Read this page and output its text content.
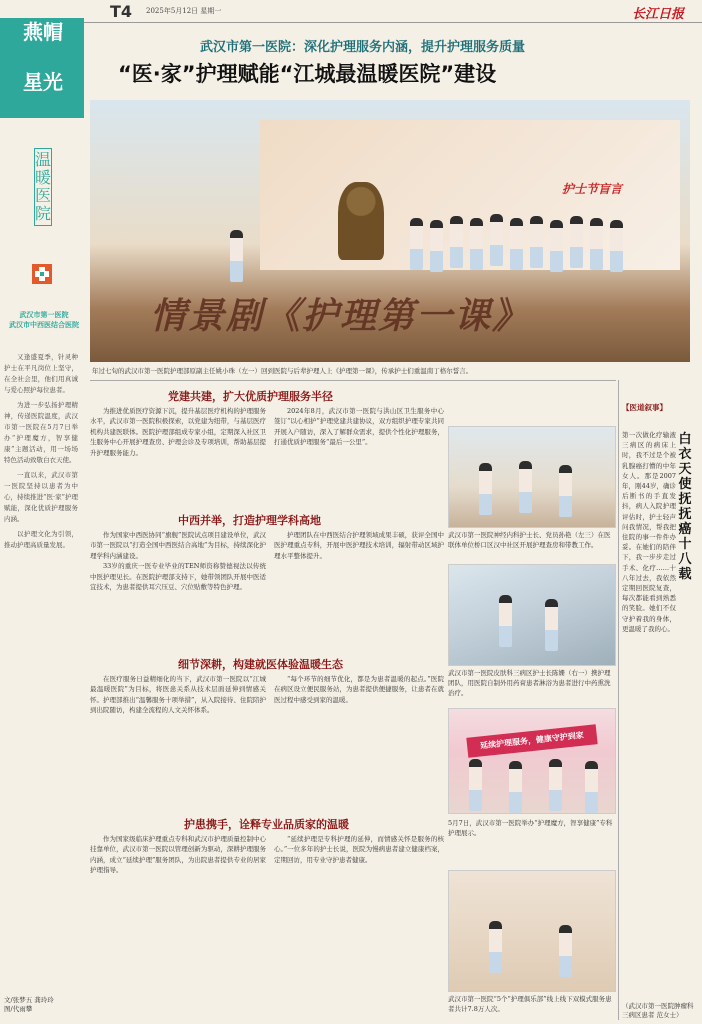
T4 2025年5月12日 星期一	长江日报
燕帽
星光
温暖医院
武汉市第一医院
武汉市中西医结合医院

又逢盛夏季，针灵种护士在平凡岗位上坚守，在全社会里，他们用真诚与爱心照护每位患者。

为进一步弘扬护理精神，传递医院温度，武汉市第一医院在5月7日举办“护理魔方，智享健康”主题活动，用一场场特色活动致敬白衣天使。

一直以来，武汉市第一医院坚持以患者为中心，持续推进“医·家”护理赋能，深化优质护理服务内涵。

以护理文化为引领，推动护理高质量发展。

文/张梦五 龚玲玲
图/代雨攀
武汉市第一医院：深化护理服务内涵，提升护理服务质量
“医·家”护理赋能“江城最温暖医院”建设
护士节盲言
情景剧《护理第一课》
年过七旬的武汉市第一医院护理部原副主任姚小珠（左一）回到医院与后辈护理人上《护理第一课》，传承护士们重温南丁格尔誓言。
党建共建，扩大优质护理服务半径
为推进优质医疗资源下沉，提升基层医疗机构的护理服务水平，武汉市第一医院积极探索，以党建为纽带，与基层医疗机构共建医联体。医院护理部组成专家小组，定期深入社区卫生服务中心开展护理查房、护理会诊及专项培训，帮助基层提升护理服务能力。
2024年8月，武汉市第一医院与洪山区卫生服务中心签订“以心相护”护理党建共建协议，双方组织护理专家共同开展入户随访，深入了解群众需求，提供个性化护理服务，打通优质护理服务“最后一公里”。
中西并举，打造护理学科高地
作为国家中西医协同“旗舰”医院试点项目建设单位，武汉市第一医院以“打造全国中西医结合高地”为目标，持续深化护理学科内涵建设。
33岁的重庆一医专业毕业的TEN师资称赞德视法以传统中医护理见长。在医院护理部支持下，她带领团队开展中医适宜技术，为患者提供耳穴压豆、穴位贴敷等特色护理。
护理团队在中西医结合护理领域成果丰硕，获评全国中医护理重点专科，开展中医护理技术培训，辐射带动区域护理水平整体提升。
细节深耕，构建就医体验温暖生态
在医疗服务日益精细化的当下，武汉市第一医院以“江城最温暖医院”为目标，将医患关系从技术层面延伸到情感关怀。护理部推出“温馨服务十项举措”，从入院接待、住院陪护到出院随访，构建全流程的人文关怀体系。
“每个环节的细节优化，都是为患者温暖的起点。”医院在病区设立便民服务站，为患者提供便捷服务，让患者在就医过程中感受到家的温暖。
护患携手，诠释专业品质家的温暖
作为国家级临床护理重点专科和武汉市护理质量控制中心挂靠单位，武汉市第一医院以管理创新为驱动，深耕护理服务内涵，成立“延续护理”服务团队，为出院患者提供专业的居家护理指导。
“延续护理是专科护理的延伸，而情感关怀是服务的核心。”一位多年的护士长说，医院为慢病患者建立健康档案，定期回访，用专业守护患者健康。
武汉市第一医院神经内科护士长、党员孙艳（左三）在医联体单位桥口区汉中社区开展护理查房和带教工作。
武汉市第一医院皮肤科三病区护士长陈姗（右一）携护理团队，用医院自制外用药膏患者淋浴为患者进行中药熏洗治疗。
延续护理服务，健康守护到家
5月7日，武汉市第一医院举办“护理魔方，智享健康”专科护理展示。
武汉市第一医院“5个”护理俱乐部”线上线下双模式服务患者共计7.8万人次。
【医道叙事】
白衣天使抚抚癌十八载
第一次做化疗输液三病区的病床上时，我不过是个被乳腺癌打懵的中年女人。那是2007年，刚44岁，确诊后断书的手直发抖，病人入院护理评估时，护士轻声问我情况，帮我把住院的事一件件办妥。在她们的陪伴下，我一步步走过手术、化疗……十八年过去，我依然定期回医院复查，每次都能看到熟悉的笑脸。她们不仅守护着我的身体，更温暖了我的心。
（武汉市第一医院肿瘤科三病区患者 范女士）
